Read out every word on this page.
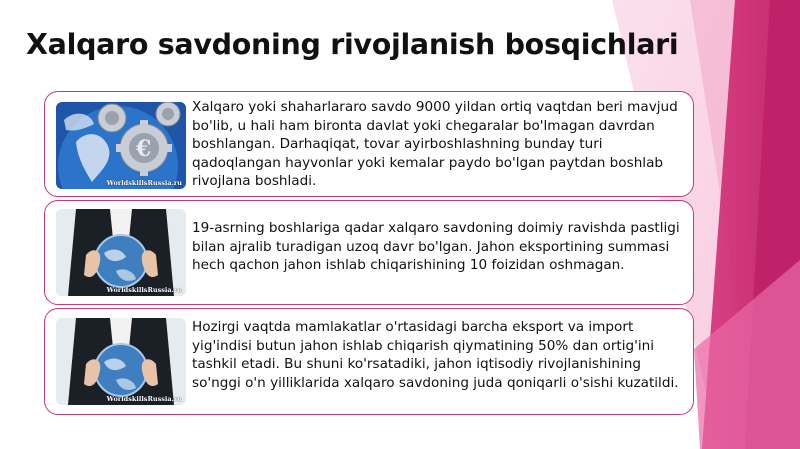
Xalqaro savdoning rivojlanish bosqichlari
€
WorldskillsRussia.ru

Xalqaro yoki shaharlararo savdo 9000 yildan ortiq vaqtdan beri mavjud bo'lib, u hali ham bironta davlat yoki chegaralar bo'lmagan davrdan boshlangan. Darhaqiqat, tovar ayirboshlashning bunday turi qadoqlangan hayvonlar yoki kemalar paydo bo'lgan paytdan boshlab rivojlana boshladi.

WorldskillsRussia.ru

19-asrning boshlariga qadar xalqaro savdoning doimiy ravishda pastligi bilan ajralib turadigan uzoq davr bo'lgan. Jahon eksportining summasi hech qachon jahon ishlab chiqarishining 10 foizidan oshmagan.

WorldskillsRussia.ru

Hozirgi vaqtda mamlakatlar o'rtasidagi barcha eksport va import yig'indisi butun jahon ishlab chiqarish qiymatining 50% dan ortig'ini tashkil etadi. Bu shuni ko'rsatadiki, jahon iqtisodiy rivojlanishining so'nggi o'n yilliklarida xalqaro savdoning juda qoniqarli o'sishi kuzatildi.
